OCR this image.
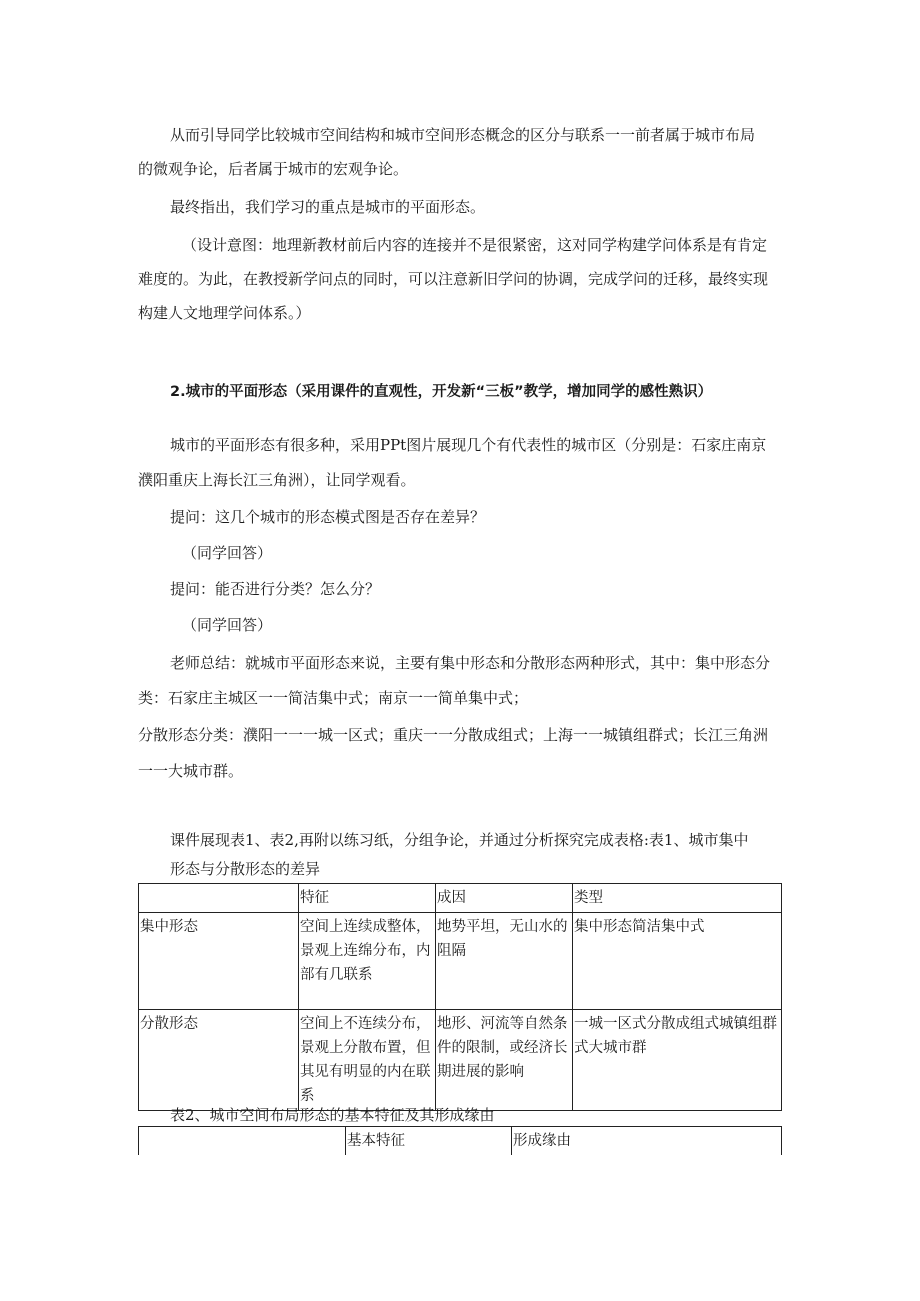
从而引导同学比较城市空间结构和城市空间形态概念的区分与联系一一前者属于城市布局

的微观争论，后者属于城市的宏观争论。

最终指出，我们学习的重点是城市的平面形态。

（设计意图：地理新教材前后内容的连接并不是很紧密，这对同学构建学问体系是有肯定

难度的。为此，在教授新学问点的同时，可以注意新旧学问的协调，完成学问的迁移，最终实现

构建人文地理学问体系。）

2.城市的平面形态（采用课件的直观性，开发新“三板”教学，增加同学的感性熟识）

城市的平面形态有很多种，采用PPt图片展现几个有代表性的城市区（分别是：石家庄南京

濮阳重庆上海长江三角洲），让同学观看。

提问：这几个城市的形态模式图是否存在差异？

（同学回答）

提问：能否进行分类？怎么分？

（同学回答）

老师总结：就城市平面形态来说，主要有集中形态和分散形态两种形式，其中：集中形态分

类：石家庄主城区一一简洁集中式；南京一一简单集中式；

分散形态分类：濮阳一一一城一区式；重庆一一分散成组式；上海一一城镇组群式；长江三角洲

一一大城市群。

课件展现表1、表2,再附以练习纸，分组争论，并通过分析探究完成表格:表1、城市集中

形态与分散形态的差异

	特征	成因	类型
集中形态	空间上连续成整体，景观上连绵分布，内部有几联系	地势平坦，无山水的阻隔	集中形态简洁集中式
分散形态	空间上不连续分布，景观上分散布置，但其见有明显的内在联系	地形、河流等自然条件的限制，或经济长期进展的影响	一城一区式分散成组式城镇组群式大城市群

表2、城市空间布局形态的基本特征及其形成缘由

	基本特征	形成缘由
